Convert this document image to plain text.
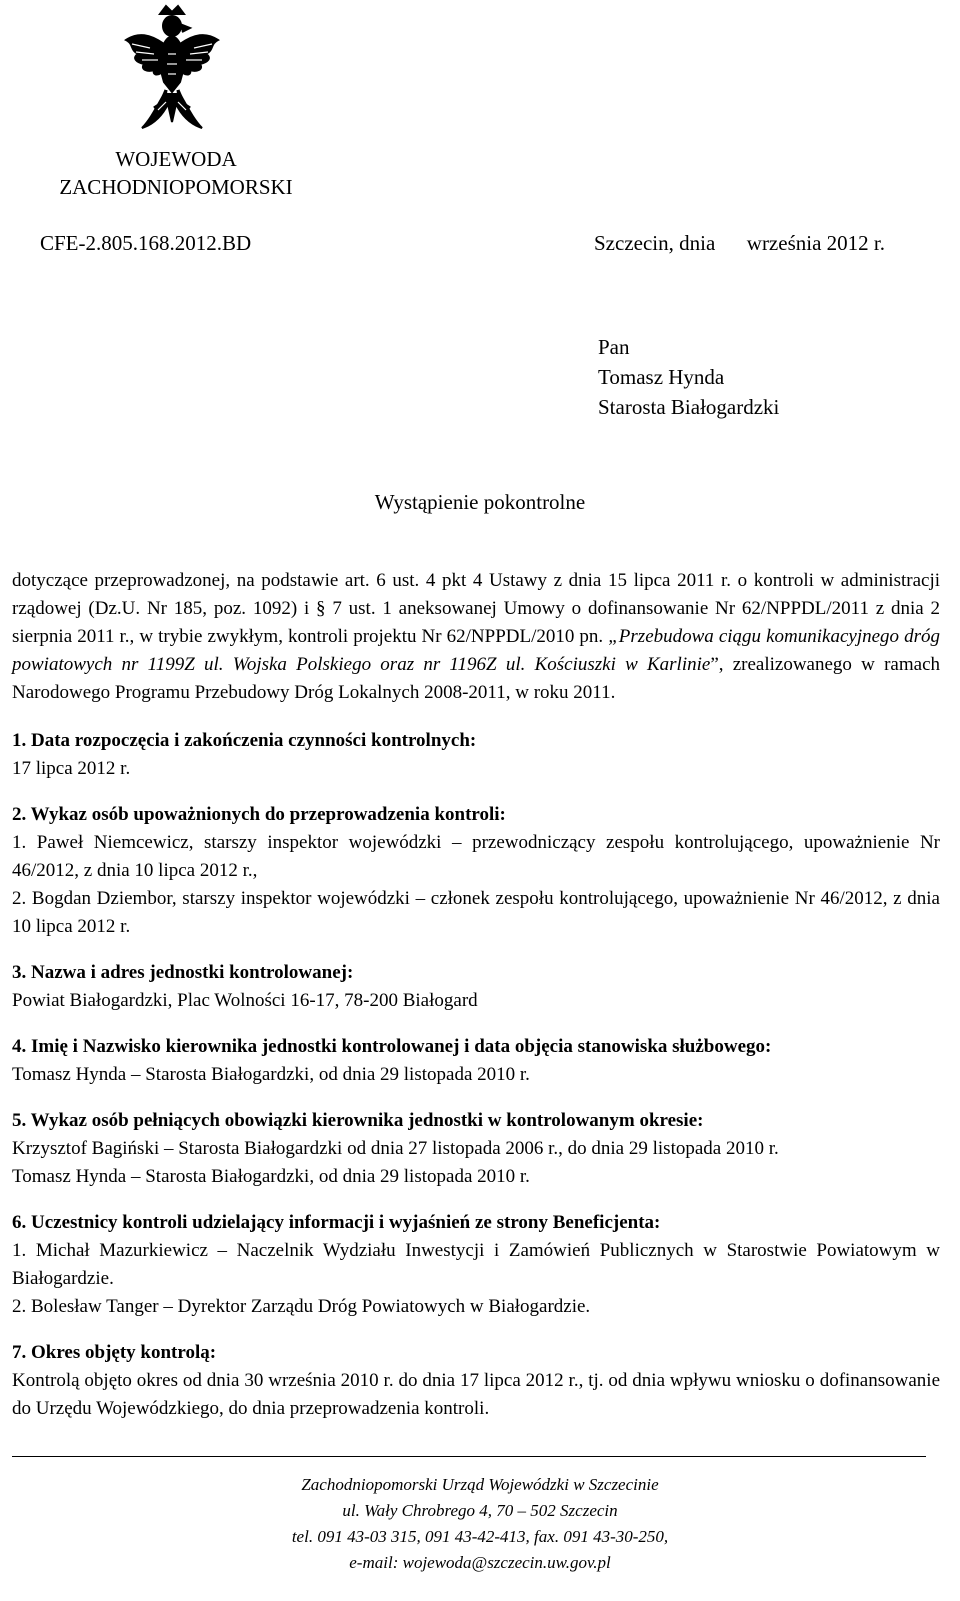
WOJEWODA
ZACHODNIOPOMORSKI
CFE-2.805.168.2012.BD	Szczecin, dnia      września 2012 r.
Pan
Tomasz Hynda
Starosta Białogardzki
Wystąpienie pokontrolne

dotyczące przeprowadzonej, na podstawie art. 6 ust. 4 pkt 4 Ustawy z dnia 15 lipca 2011 r. o kontroli w administracji rządowej (Dz.U. Nr 185, poz. 1092) i § 7 ust. 1 aneksowanej Umowy o dofinansowanie Nr 62/NPPDL/2011 z dnia 2 sierpnia 2011 r., w trybie zwykłym, kontroli projektu Nr 62/NPPDL/2010 pn. „Przebudowa ciągu komunikacyjnego dróg powiatowych nr 1199Z ul. Wojska Polskiego oraz nr 1196Z ul. Kościuszki w Karlinie”, zrealizowanego w ramach Narodowego Programu Przebudowy Dróg Lokalnych 2008-2011, w roku 2011.

1. Data rozpoczęcia i zakończenia czynności kontrolnych:

17 lipca 2012 r.

2. Wykaz osób upoważnionych do przeprowadzenia kontroli:

1. Paweł Niemcewicz, starszy inspektor wojewódzki – przewodniczący zespołu kontrolującego, upoważnienie Nr 46/2012, z dnia 10 lipca 2012 r.,

2. Bogdan Dziembor, starszy inspektor wojewódzki – członek zespołu kontrolującego, upoważnienie Nr 46/2012, z dnia 10 lipca 2012 r.

3. Nazwa i adres jednostki kontrolowanej:

Powiat Białogardzki, Plac Wolności 16-17, 78-200 Białogard

4. Imię i Nazwisko kierownika jednostki kontrolowanej i data objęcia stanowiska służbowego:

Tomasz Hynda – Starosta Białogardzki, od dnia 29 listopada 2010 r.

5. Wykaz osób pełniących obowiązki kierownika jednostki w kontrolowanym okresie:

Krzysztof Bagiński – Starosta Białogardzki od dnia 27 listopada 2006 r., do dnia 29 listopada 2010 r.

Tomasz Hynda – Starosta Białogardzki, od dnia 29 listopada 2010 r.

6. Uczestnicy kontroli udzielający informacji i wyjaśnień ze strony Beneficjenta:

1. Michał Mazurkiewicz – Naczelnik Wydziału Inwestycji i Zamówień Publicznych w Starostwie Powiatowym w Białogardzie.

2. Bolesław Tanger – Dyrektor Zarządu Dróg Powiatowych w Białogardzie.

7. Okres objęty kontrolą:

Kontrolą objęto okres od dnia 30 września 2010 r. do dnia 17 lipca 2012 r., tj. od dnia wpływu wniosku o dofinansowanie do Urzędu Wojewódzkiego, do dnia przeprowadzenia kontroli.

Zachodniopomorski Urząd Wojewódzki w Szczecinie
ul. Wały Chrobrego 4, 70 – 502 Szczecin
tel. 091 43-03 315, 091 43-42-413, fax. 091 43-30-250,
e-mail: wojewoda@szczecin.uw.gov.pl
